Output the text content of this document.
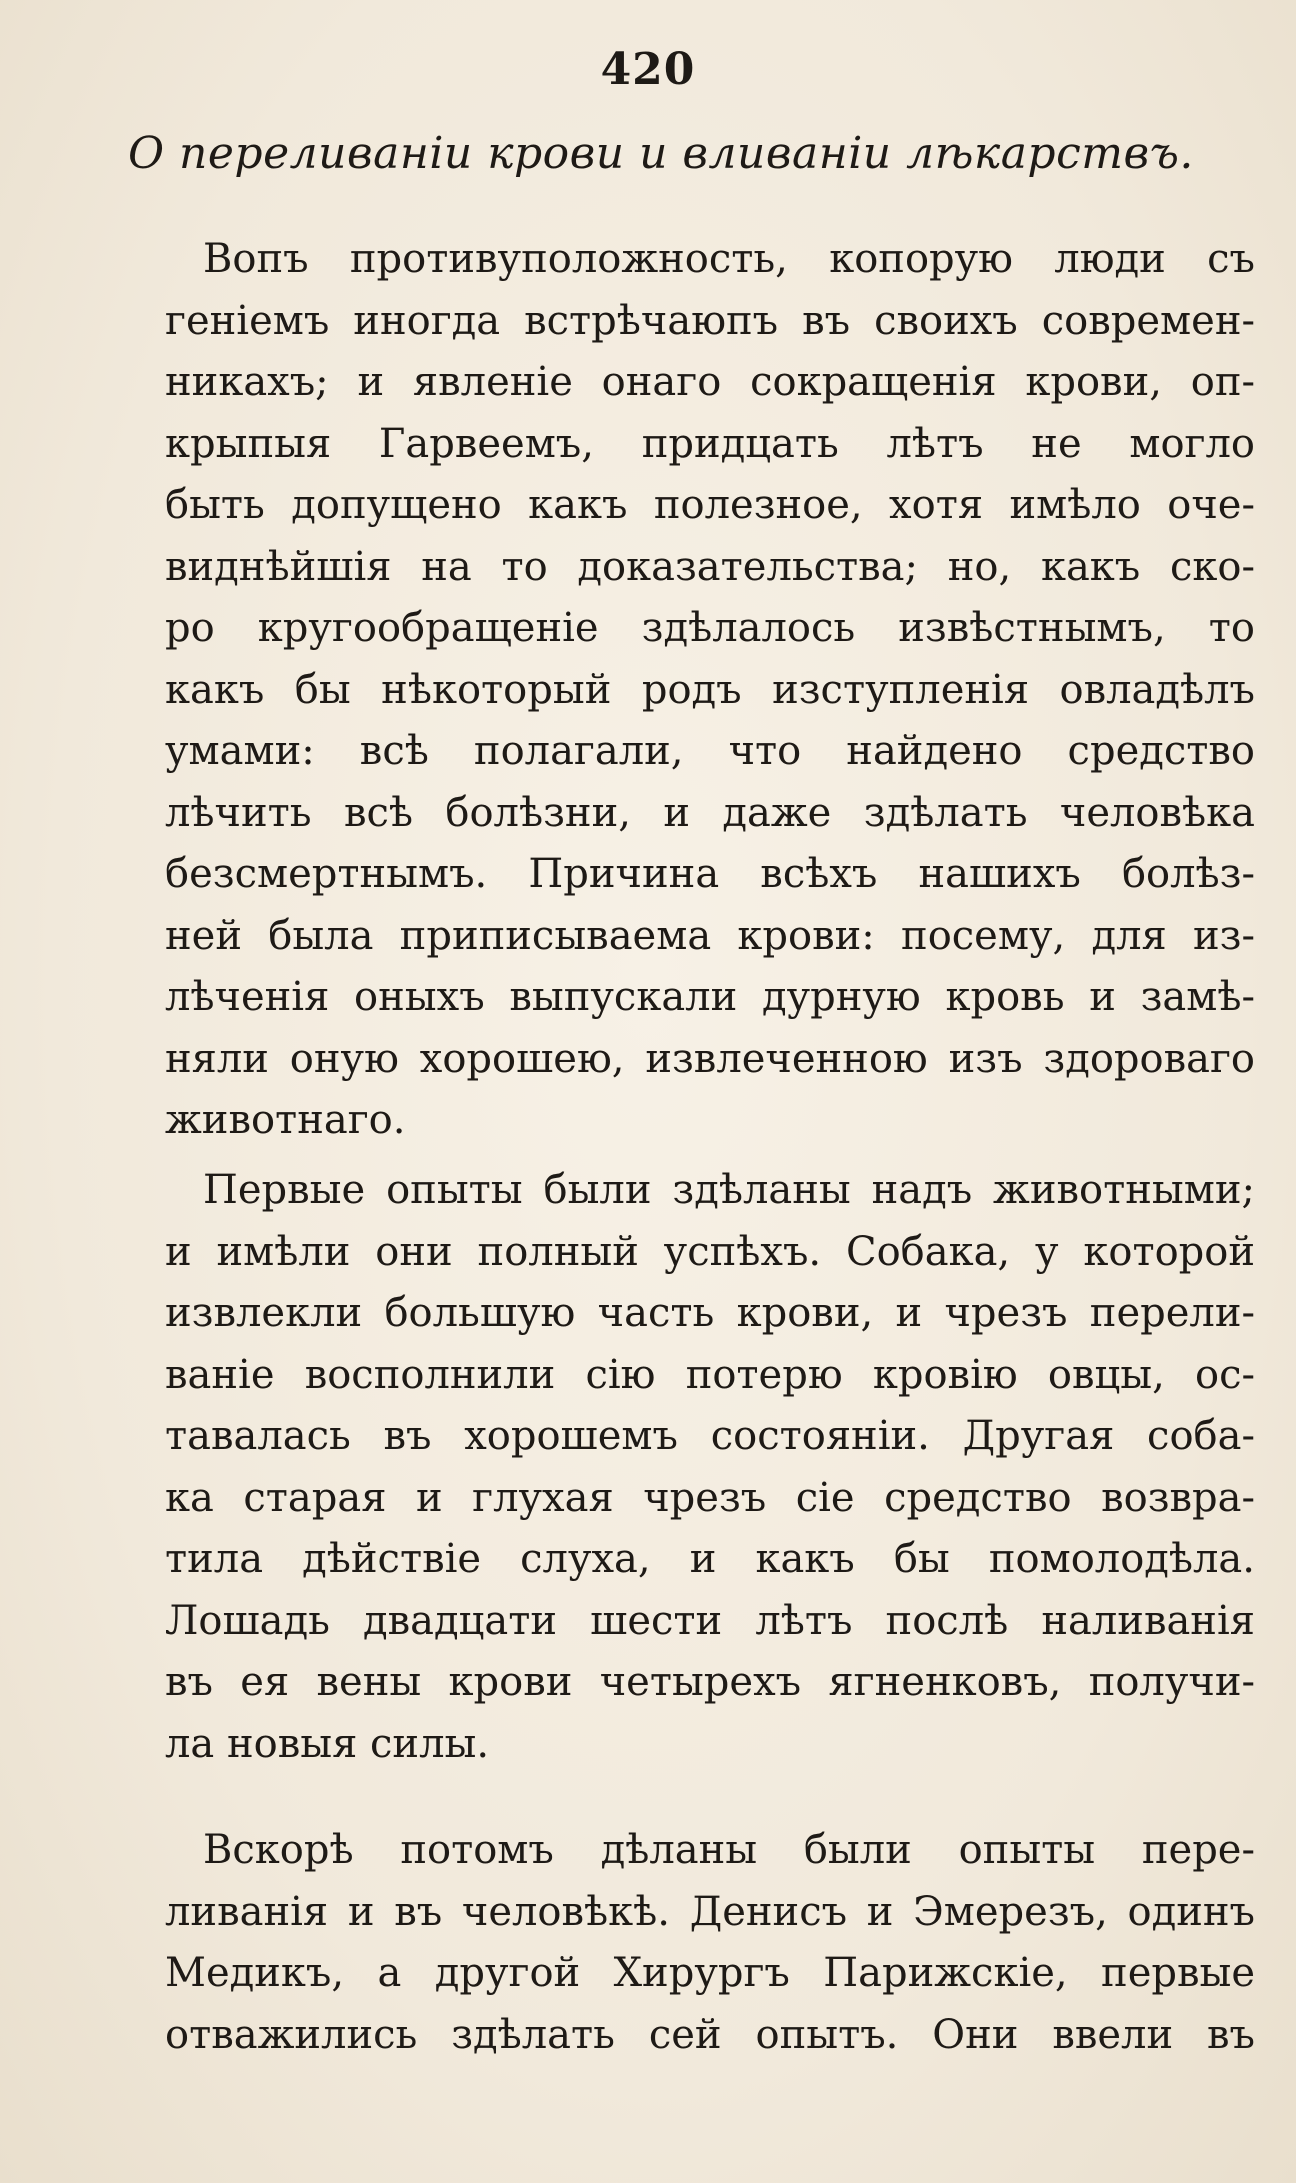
420
О переливаніи крови и вливаніи лѣкарствъ.
Вопъ противуположность, копорую люди съ
геніемъ иногда встрѣчаюпъ въ своихъ современ-
никахъ; и явленіе онаго сокращенія крови, оп-
крыпыя Гарвеемъ, придцать лѣтъ не могло
быть допущено какъ полезное, хотя имѣло оче-
виднѣйшія на то доказательства; но, какъ ско-
ро кругообращеніе здѣлалось извѣстнымъ, то
какъ бы нѣкоторый родъ изступленія овладѣлъ
умами: всѣ полагали, что найдено средство
лѣчить всѣ болѣзни, и даже здѣлать человѣка
безсмертнымъ. Причина всѣхъ нашихъ болѣз-
ней была приписываема крови: посему, для из-
лѣченія оныхъ выпускали дурную кровь и замѣ-
няли оную хорошею, извлеченною изъ здороваго
животнаго.
Первые опыты были здѣланы надъ животными;
и имѣли они полный успѣхъ. Собака, у которой
извлекли большую часть крови, и чрезъ перели-
ваніе восполнили сію потерю кровію овцы, ос-
тавалась въ хорошемъ состояніи. Другая соба-
ка старая и глухая чрезъ сіе средство возвра-
тила дѣйствіе слуха, и какъ бы помолодѣла.
Лошадь двадцати шести лѣтъ послѣ наливанія
въ ея вены крови четырехъ ягненковъ, получи-
ла новыя силы.
Вскорѣ потомъ дѣланы были опыты пере-
ливанія и въ человѣкѣ. Денисъ и Эмерезъ, одинъ
Медикъ, а другой Хирургъ Парижскіе, первые
отважились здѣлать сей опытъ. Они ввели въ
